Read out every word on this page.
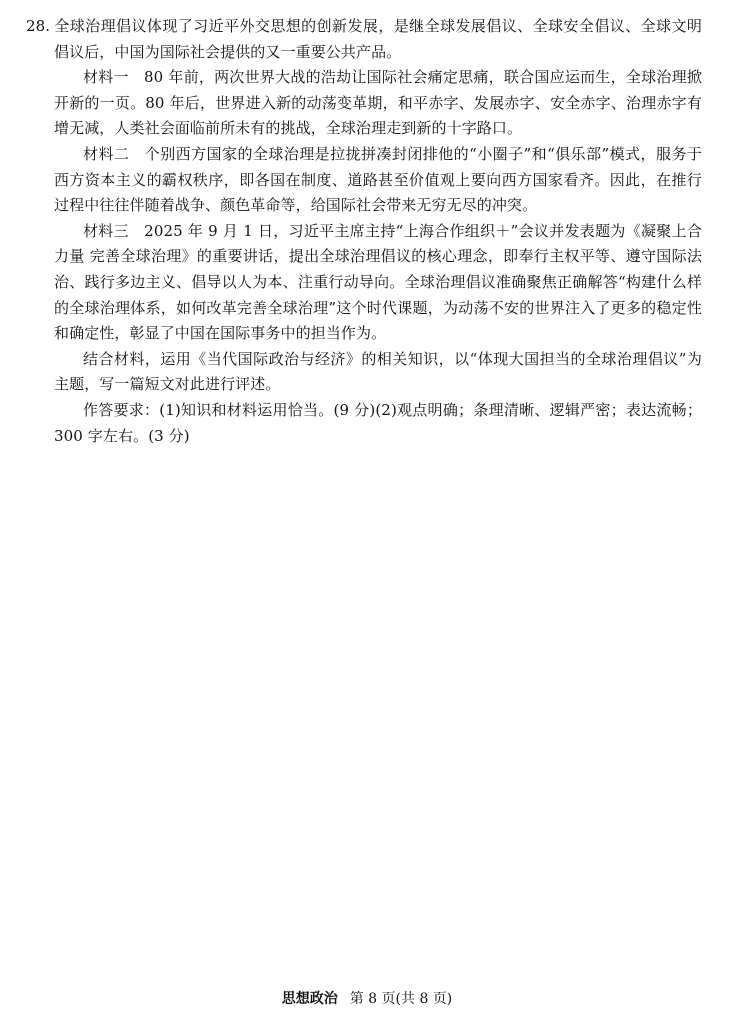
28. 全球治理倡议体现了习近平外交思想的创新发展，是继全球发展倡议、全球安全倡议、全球文明倡议后，中国为国际社会提供的又一重要公共产品。

材料一　80 年前，两次世界大战的浩劫让国际社会痛定思痛，联合国应运而生，全球治理掀开新的一页。80 年后，世界进入新的动荡变革期，和平赤字、发展赤字、安全赤字、治理赤字有增无减，人类社会面临前所未有的挑战，全球治理走到新的十字路口。

材料二　个别西方国家的全球治理是拉拢拼凑封闭排他的“小圈子”和“俱乐部”模式，服务于西方资本主义的霸权秩序，即各国在制度、道路甚至价值观上要向西方国家看齐。因此，在推行过程中往往伴随着战争、颜色革命等，给国际社会带来无穷无尽的冲突。

材料三　2025 年 9 月 1 日，习近平主席主持“上海合作组织＋”会议并发表题为《凝聚上合力量 完善全球治理》的重要讲话，提出全球治理倡议的核心理念，即奉行主权平等、遵守国际法治、践行多边主义、倡导以人为本、注重行动导向。全球治理倡议准确聚焦正确解答“构建什么样的全球治理体系，如何改革完善全球治理”这个时代课题，为动荡不安的世界注入了更多的稳定性和确定性，彰显了中国在国际事务中的担当作为。

结合材料，运用《当代国际政治与经济》的相关知识，以“体现大国担当的全球治理倡议”为主题，写一篇短文对此进行评述。

作答要求：(1)知识和材料运用恰当。(9 分)(2)观点明确；条理清晰、逻辑严密；表达流畅；300 字左右。(3 分)

思想政治 第 8 页(共 8 页)
